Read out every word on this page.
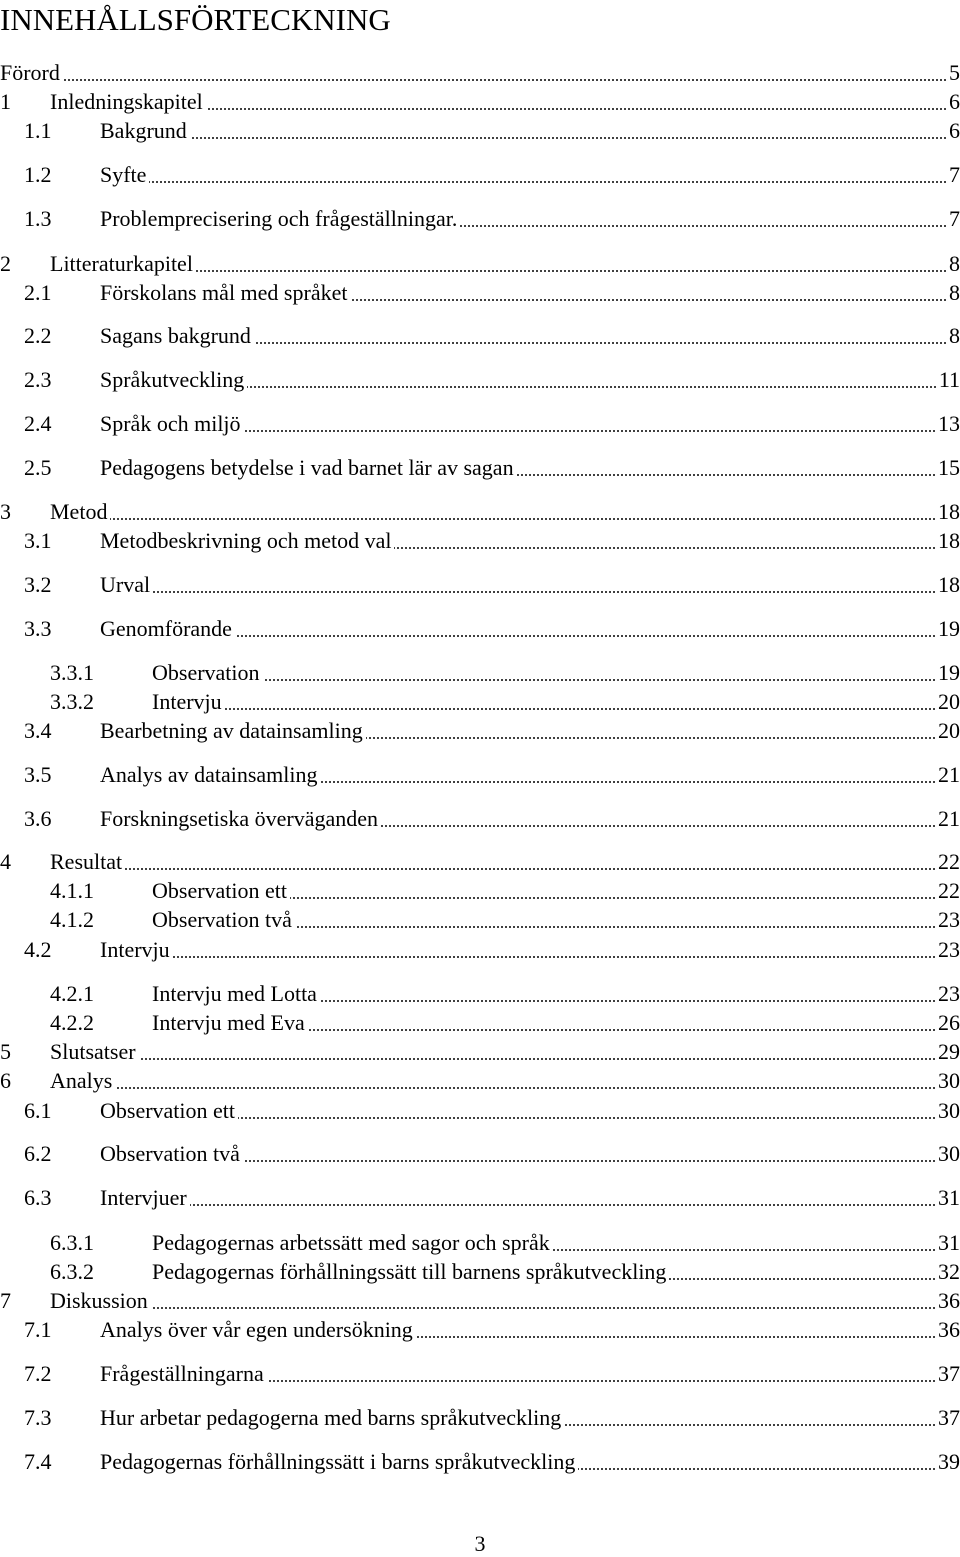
INNEHÅLLSFÖRTECKNING
Förord	5
1 Inledningskapitel	6
1.1 Bakgrund	6
1.2 Syfte	7
1.3 Problemprecisering och frågeställningar.	7
2 Litteraturkapitel	8
2.1 Förskolans mål med språket	8
2.2 Sagans bakgrund	8
2.3 Språkutveckling	11
2.4 Språk och miljö	13
2.5 Pedagogens betydelse i vad barnet lär av sagan	15
3 Metod	18
3.1 Metodbeskrivning och metod val	18
3.2 Urval	18
3.3 Genomförande	19
3.3.1	Observation	19
3.3.2	Intervju	20
3.4 Bearbetning av datainsamling	20
3.5 Analys av datainsamling	21
3.6 Forskningsetiska överväganden	21
4 Resultat	22
4.1.1	Observation ett	22
4.1.2	Observation två	23
4.2 Intervju	23
4.2.1	Intervju med Lotta	23
4.2.2	Intervju med Eva	26
5 Slutsatser	29
6 Analys	30
6.1 Observation ett	30
6.2 Observation två	30
6.3 Intervjuer	31
6.3.1	Pedagogernas arbetssätt med sagor och språk	31
6.3.2	Pedagogernas förhållningssätt till barnens språkutveckling	32
7 Diskussion	36
7.1 Analys över vår egen undersökning	36
7.2 Frågeställningarna	37
7.3 Hur arbetar pedagogerna med barns språkutveckling	37
7.4 Pedagogernas förhållningssätt i barns språkutveckling	39
3
